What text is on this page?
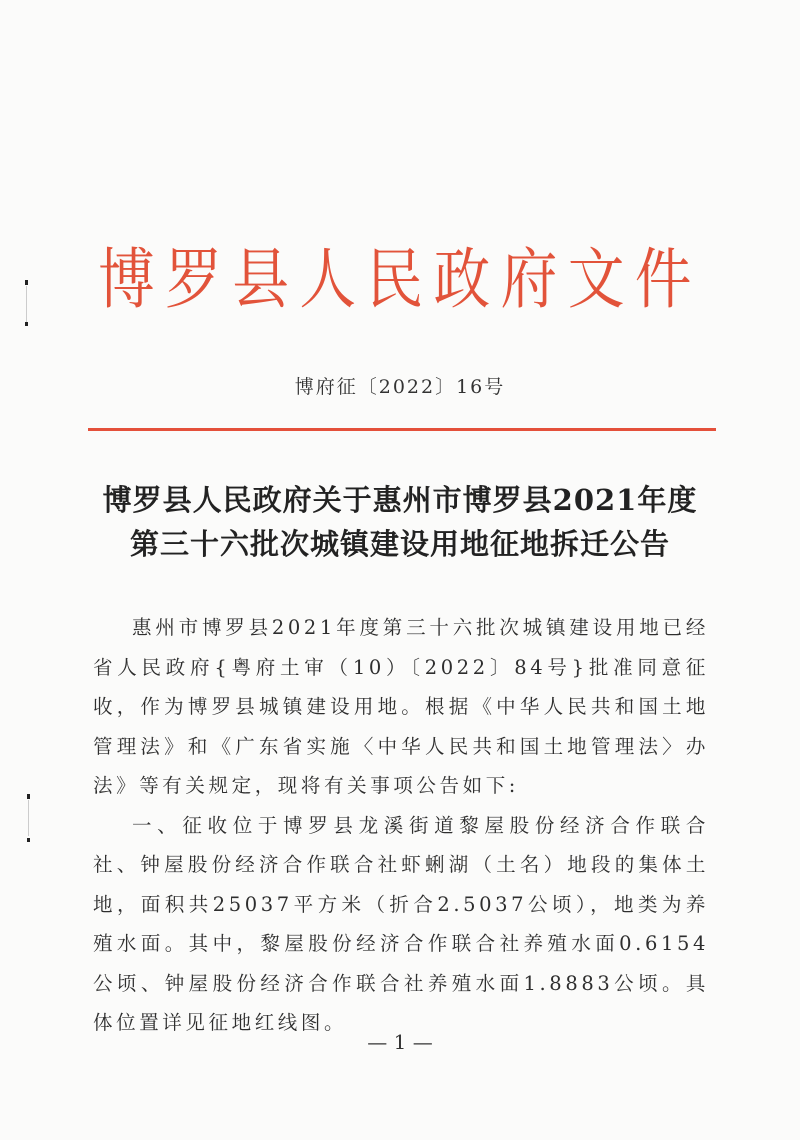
博罗县人民政府文件
博府征〔2022〕16号
博罗县人民政府关于惠州市博罗县2021年度
第三十六批次城镇建设用地征地拆迁公告

惠州市博罗县2021年度第三十六批次城镇建设用地已经省人民政府{粤府土审（10）〔2022〕84号}批准同意征收，作为博罗县城镇建设用地。根据《中华人民共和国土地管理法》和《广东省实施〈中华人民共和国土地管理法〉办法》等有关规定，现将有关事项公告如下:

一、征收位于博罗县龙溪街道黎屋股份经济合作联合社、钟屋股份经济合作联合社虾蜊湖（土名）地段的集体土地，面积共25037平方米（折合2.5037公顷），地类为养殖水面。其中，黎屋股份经济合作联合社养殖水面0.6154公顷、钟屋股份经济合作联合社养殖水面1.8883公顷。具体位置详见征地红线图。

— 1 —
